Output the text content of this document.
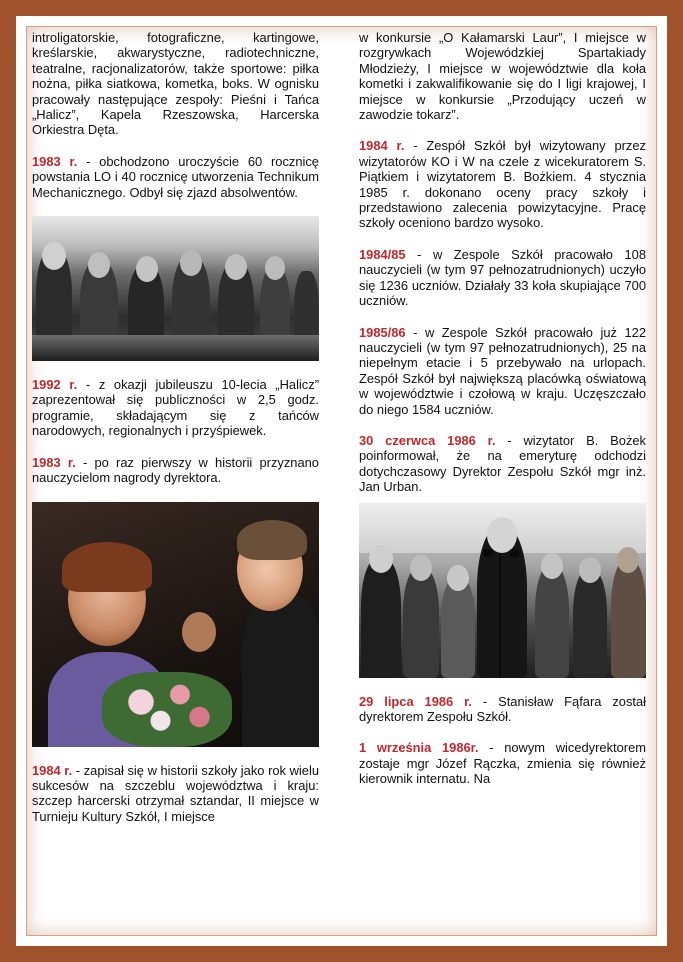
introligatorskie, fotograficzne, kartingowe, kreślarskie, akwarystyczne, radiotechniczne, teatralne, racjonalizatorów, także sportowe: piłka nożna, piłka siatkowa, kometka, boks. W ognisku pracowały następujące zespoły: Pieśni i Tańca „Halicz”, Kapela Rzeszowska, Harcerska Orkiestra Dęta.

1983 r. - obchodzono uroczyście 60 rocznicę powstania LO i 40 rocznicę utworzenia Technikum Mechanicznego. Odbył się zjazd absolwentów.

1992 r. - z okazji jubileuszu 10-lecia „Halicz” zaprezentował się publiczności w 2,5 godz. programie, składającym się z tańców narodowych, regionalnych i przyśpiewek.

1983 r. - po raz pierwszy w historii przyznano nauczycielom nagrody dyrektora.

1984 r. - zapisał się w historii szkoły jako rok wielu sukcesów na szczeblu województwa i kraju: szczep harcerski otrzymał sztandar, II miejsce w Turnieju Kultury Szkół, I miejsce

w konkursie „O Kałamarski Laur”, I miejsce w rozgrywkach Wojewódzkiej Spartakiady Młodzieży, I miejsce w województwie dla koła kometki i zakwalifikowanie się do I ligi krajowej, I miejsce w konkursie „Przodujący uczeń w zawodzie tokarz”.

1984 r. - Zespół Szkół był wizytowany przez wizytatorów KO i W na czele z wicekuratorem S. Piątkiem i wizytatorem B. Bożkiem. 4 stycznia 1985 r. dokonano oceny pracy szkoły i przedstawiono zalecenia powizytacyjne. Pracę szkoły oceniono bardzo wysoko.

1984/85 - w Zespole Szkół pracowało 108 nauczycieli (w tym 97 pełnozatrudnionych) uczyło się 1236 uczniów. Działały 33 koła skupiające 700 uczniów.

1985/86 - w Zespole Szkół pracowało już 122 nauczycieli (w tym 97 pełnozatrudnionych), 25 na niepełnym etacie i 5 przebywało na urlopach. Zespół Szkół był największą placówką oświatową w województwie i czołową w kraju. Uczęszczało do niego 1584 uczniów.

30 czerwca 1986 r. - wizytator B. Bożek poinformował, że na emeryturę odchodzi dotychczasowy Dyrektor Zespołu Szkół mgr inż. Jan Urban.

29 lipca 1986 r. - Stanisław Fąfara został dyrektorem Zespołu Szkół.

1 września 1986r. - nowym wicedyrektorem zostaje mgr Józef Rączka, zmienia się również kierownik internatu. Na
